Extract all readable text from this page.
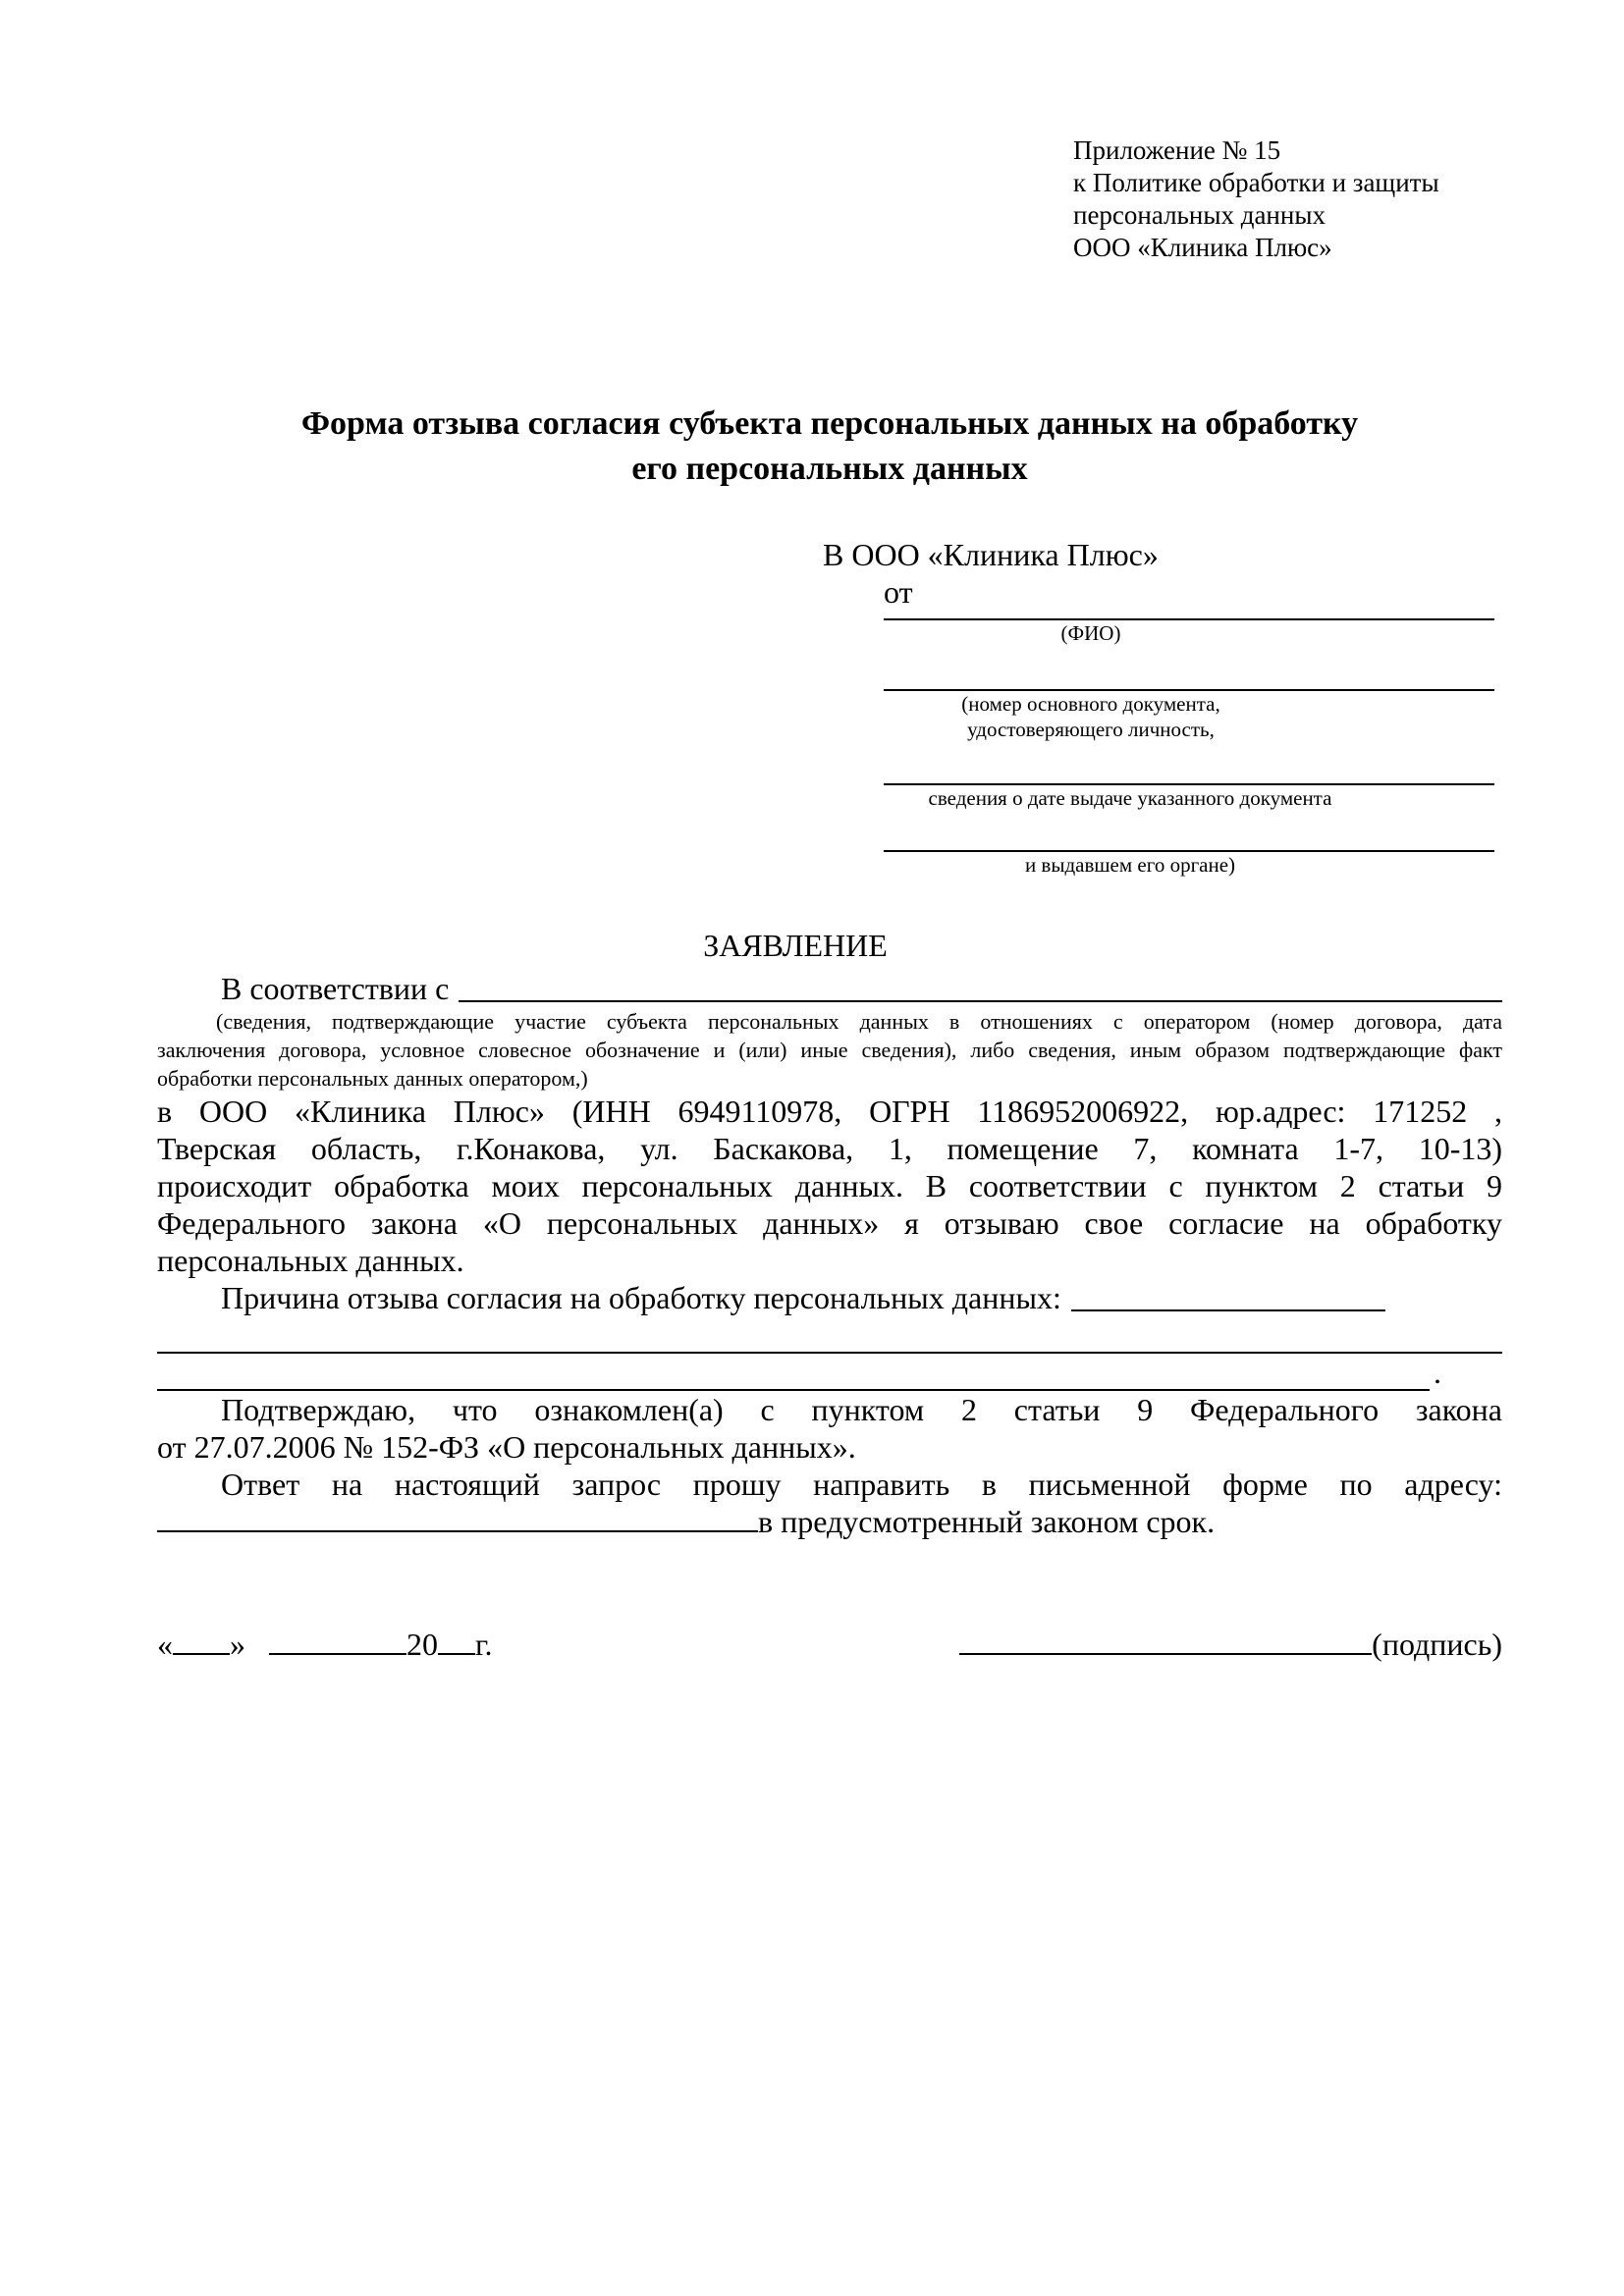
Приложение № 15
к Политике обработки и защиты
персональных данных
ООО «Клиника Плюс»
Форма отзыва согласия субъекта персональных данных на обработку
его персональных данных
В ООО «Клиника Плюс»
от
(ФИО)
(номер основного документа, удостоверяющего личность,
сведения о дате выдаче указанного документа
и выдавшем его органе)
ЗАЯВЛЕНИЕ
В соответствии с
(сведения, подтверждающие участие субъекта персональных данных в отношениях с оператором (номер договора, дата
заключения договора, условное словесное обозначение и (или) иные сведения), либо сведения, иным образом подтверждающие факт
обработки персональных данных оператором,)
в ООО «Клиника Плюс» (ИНН 6949110978, ОГРН 1186952006922, юр.адрес: 171252 ,
Тверская область, г.Конакова, ул. Баскакова, 1, помещение 7, комната 1-7, 10-13)
происходит обработка моих персональных данных. В соответствии с пунктом 2 статьи 9
Федерального закона «О персональных данных» я отзываю свое согласие на обработку
персональных данных.
Причина отзыва согласия на обработку персональных данных:
.
Подтверждаю, что ознакомлен(а) с пунктом 2 статьи 9 Федерального закона
от 27.07.2006 № 152-ФЗ «О персональных данных».
Ответ на настоящий запрос прошу направить в письменной форме по адресу:
в предусмотренный законом срок.
« »	20 г.	(подпись)
